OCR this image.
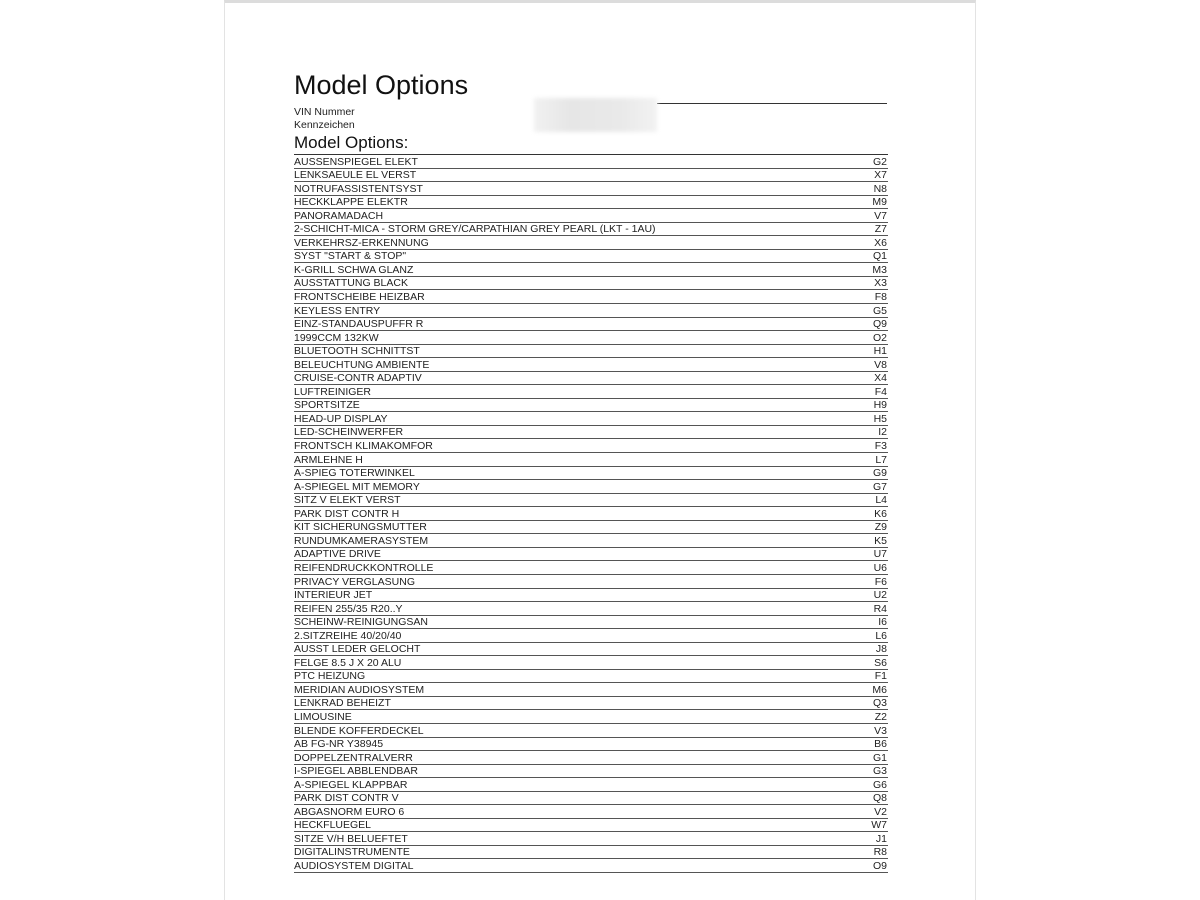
Model Options
VIN Nummer
Kennzeichen
Model Options:
AUSSENSPIEGEL ELEKT	G2
LENKSAEULE EL VERST	X7
NOTRUFASSISTENTSYST	N8
HECKKLAPPE ELEKTR	M9
PANORAMADACH	V7
2-SCHICHT-MICA - STORM GREY/CARPATHIAN GREY PEARL (LKT - 1AU)	Z7
VERKEHRSZ-ERKENNUNG	X6
SYST "START & STOP"	Q1
K-GRILL SCHWA GLANZ	M3
AUSSTATTUNG BLACK	X3
FRONTSCHEIBE HEIZBAR	F8
KEYLESS ENTRY	G5
EINZ-STANDAUSPUFFR R	Q9
1999CCM 132KW	O2
BLUETOOTH SCHNITTST	H1
BELEUCHTUNG AMBIENTE	V8
CRUISE-CONTR ADAPTIV	X4
LUFTREINIGER	F4
SPORTSITZE	H9
HEAD-UP DISPLAY	H5
LED-SCHEINWERFER	I2
FRONTSCH KLIMAKOMFOR	F3
ARMLEHNE H	L7
A-SPIEG TOTERWINKEL	G9
A-SPIEGEL MIT MEMORY	G7
SITZ V ELEKT VERST	L4
PARK DIST CONTR H	K6
KIT SICHERUNGSMUTTER	Z9
RUNDUMKAMERASYSTEM	K5
ADAPTIVE DRIVE	U7
REIFENDRUCKKONTROLLE	U6
PRIVACY VERGLASUNG	F6
INTERIEUR JET	U2
REIFEN 255/35 R20..Y	R4
SCHEINW-REINIGUNGSAN	I6
2.SITZREIHE 40/20/40	L6
AUSST LEDER GELOCHT	J8
FELGE 8.5 J X 20 ALU	S6
PTC HEIZUNG	F1
MERIDIAN AUDIOSYSTEM	M6
LENKRAD BEHEIZT	Q3
LIMOUSINE	Z2
BLENDE KOFFERDECKEL	V3
AB FG-NR Y38945	B6
DOPPELZENTRALVERR	G1
I-SPIEGEL ABBLENDBAR	G3
A-SPIEGEL KLAPPBAR	G6
PARK DIST CONTR V	Q8
ABGASNORM EURO 6	V2
HECKFLUEGEL	W7
SITZE V/H BELUEFTET	J1
DIGITALINSTRUMENTE	R8
AUDIOSYSTEM DIGITAL	O9
